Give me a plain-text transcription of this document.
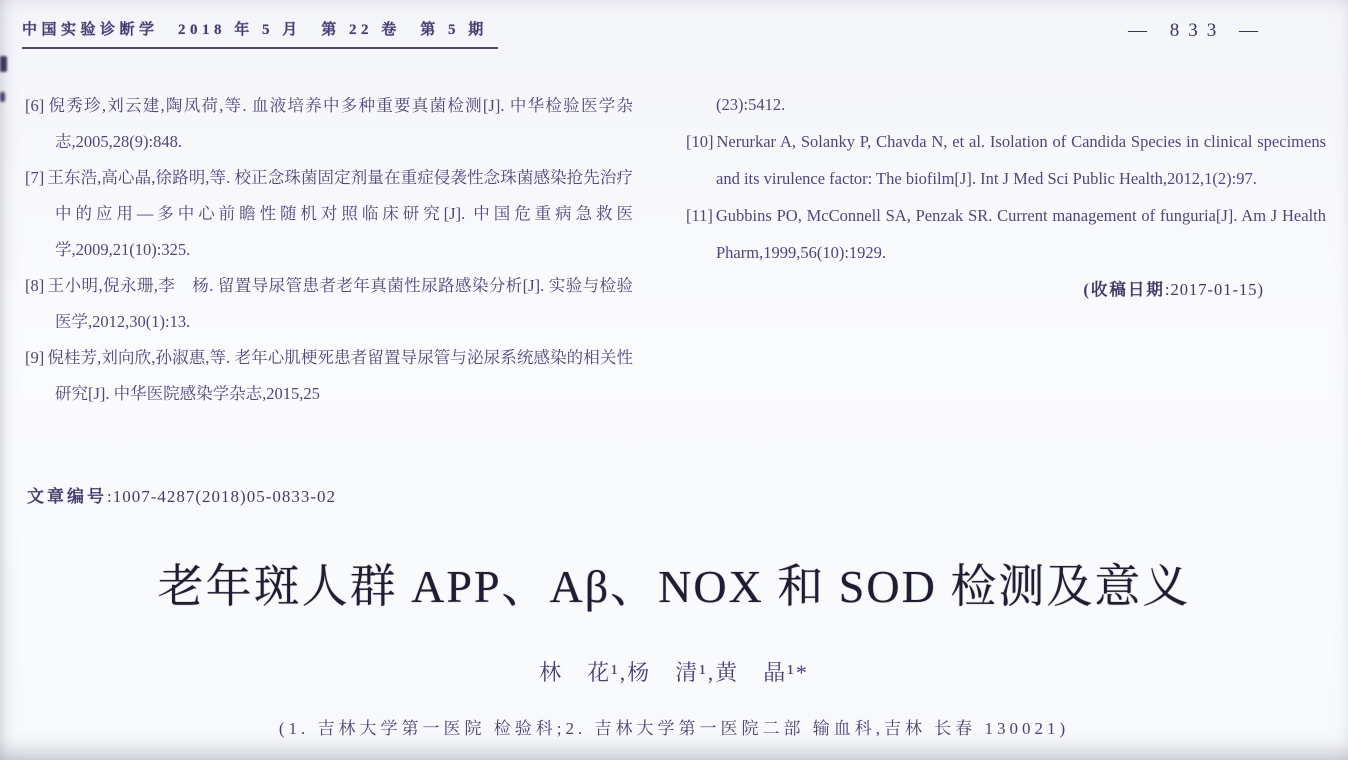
中国实验诊断学　2018 年 5 月　第 22 卷　第 5 期	— 833 —
[6] 倪秀珍,刘云建,陶凤荷,等. 血液培养中多种重要真菌检测[J]. 中华检验医学杂志,2005,28(9):848.
[7] 王东浩,高心晶,徐路明,等. 校正念珠菌固定剂量在重症侵袭性念珠菌感染抢先治疗中的应用—多中心前瞻性随机对照临床研究[J]. 中国危重病急救医学,2009,21(10):325.
[8] 王小明,倪永珊,李　杨. 留置导尿管患者老年真菌性尿路感染分析[J]. 实验与检验医学,2012,30(1):13.
[9] 倪桂芳,刘向欣,孙淑惠,等. 老年心肌梗死患者留置导尿管与泌尿系统感染的相关性研究[J]. 中华医院感染学杂志,2015,25
(23):5412.
[10] Nerurkar A, Solanky P, Chavda N, et al. Isolation of Candida Species in clinical specimens and its virulence factor: The biofilm[J]. Int J Med Sci Public Health,2012,1(2):97.
[11] Gubbins PO, McConnell SA, Penzak SR. Current management of funguria[J]. Am J Health Pharm,1999,56(10):1929.
(收稿日期:2017-01-15)
文章编号:1007-4287(2018)05-0833-02
老年斑人群 APP、Aβ、NOX 和 SOD 检测及意义
林　花¹,杨　清¹,黄　晶¹*
(1. 吉林大学第一医院 检验科;2. 吉林大学第一医院二部 输血科,吉林 长春 130021)
